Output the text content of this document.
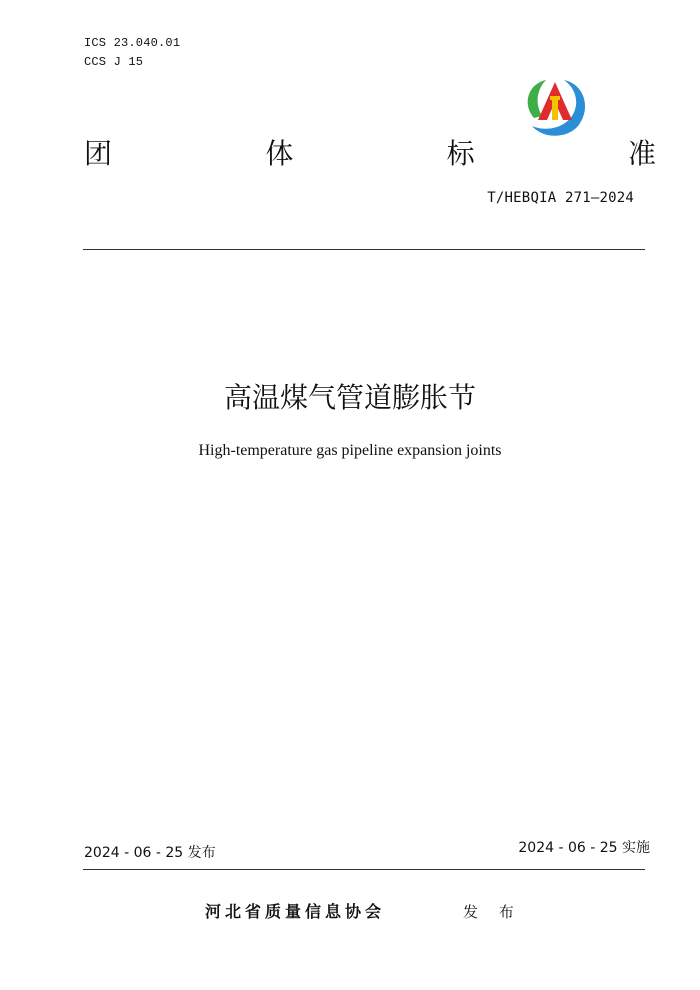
ICS 23.040.01
CCS J 15
团	体	标	准
T/HEBQIA 271—2024
高温煤气管道膨胀节
High-temperature gas pipeline expansion joints
2024 - 06 - 25 发布	2024 - 06 - 25 实施
河北省质量信息协会	发 布
